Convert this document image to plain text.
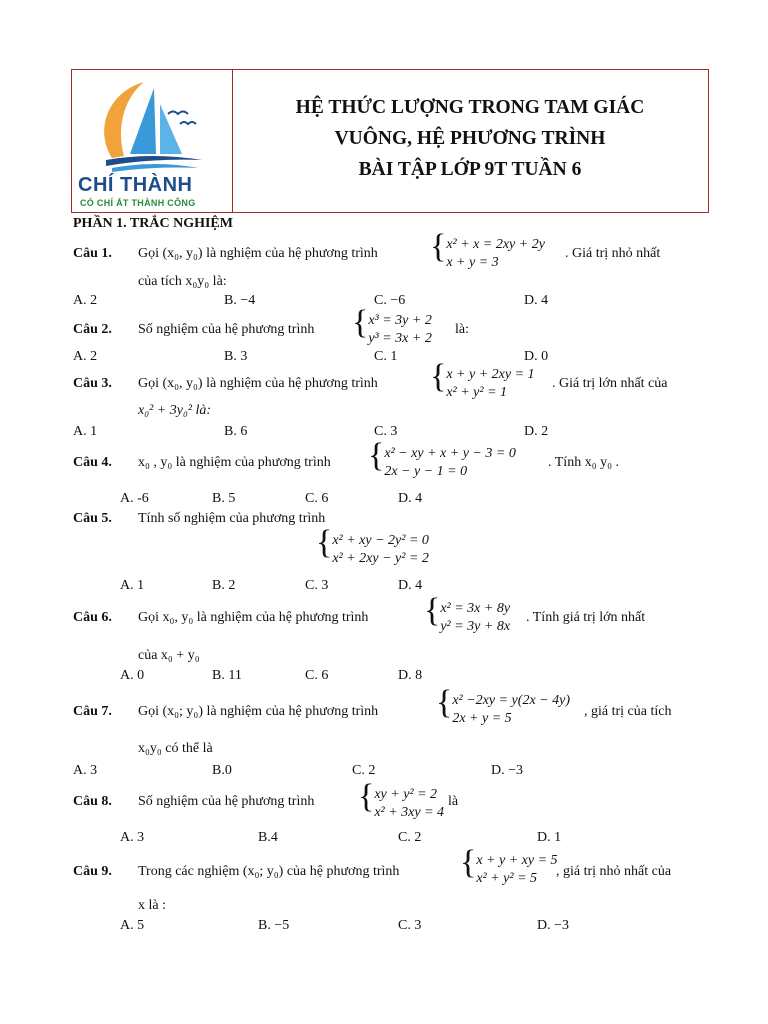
CHÍ THÀNH
CÓ CHÍ ẮT THÀNH CÔNG
HỆ THỨC LƯỢNG TRONG TAM GIÁC
VUÔNG, HỆ PHƯƠNG TRÌNH
BÀI TẬP LỚP 9T TUẦN 6
PHẦN 1. TRẮC NGHIỆM
Câu 1. Gọi (x₀, y₀) là nghiệm của hệ phương trình {x² + x = 2xy + 2y
x + y = 3
. Giá trị nhỏ nhất
của tích x₀y₀ là:
A. 2	B. −4	C. −6	D. 4
Câu 2. Số nghiệm của hệ phương trình {x³ = 3y + 2
y³ = 3x + 2
là:
A. 2	B. 3	C. 1	D. 0
Câu 3. Gọi (x₀, y₀) là nghiệm của hệ phương trình {x + y + 2xy = 1
x² + y² = 1
. Giá trị lớn nhất của
x₀² + 3y₀² là:
A. 1	B. 6	C. 3	D. 2
Câu 4. x₀ , y₀ là nghiệm của phương trình {x² − xy + x + y − 3 = 0
2x − y − 1 = 0
. Tính x₀ y₀ .
A. -6	B. 5	C. 6	D. 4
Câu 5. Tính số nghiệm của phương trình
{x² + xy − 2y² = 0
x² + 2xy − y² = 2
A. 1	B. 2	C. 3	D. 4
Câu 6. Gọi x₀, y₀ là nghiệm của hệ phương trình {x² = 3x + 8y
y² = 3y + 8x
. Tính giá trị lớn nhất
của x₀ + y₀
A. 0	B. 11	C. 6	D. 8
Câu 7. Gọi (x₀; y₀) là nghiệm của hệ phương trình {x² −2xy = y(2x − 4y)
2x + y = 5	, giá trị của tích
x₀y₀ có thể là
A. 3	B.0	C. 2	D. −3
Câu 8. Số nghiệm của hệ phương trình {xy + y² = 2
x² + 3xy = 4
là
A. 3	B.4	C. 2	D. 1
Câu 9. Trong các nghiệm (x₀; y₀) của hệ phương trình {x + y + xy = 5
x² + y² = 5	, giá trị nhỏ nhất của
x là :
A. 5	B. −5	C. 3	D. −3
